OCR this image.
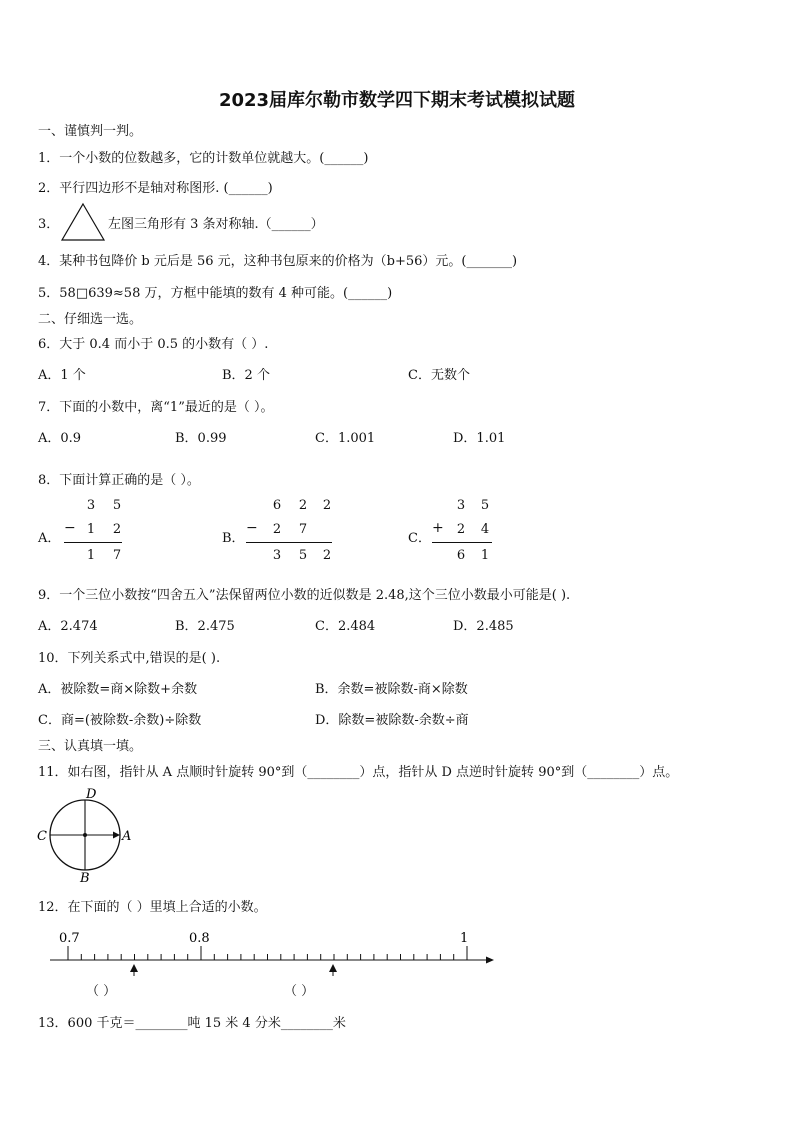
2023届库尔勒市数学四下期末考试模拟试题
一、谨慎判一判。
1．一个小数的位数越多，它的计数单位就越大。(______)
2．平行四边形不是轴对称图形. (______)
3．	左图三角形有 3 条对称轴.（______）
4．某种书包降价 b 元后是 56 元，这种书包原来的价格为（b+56）元。(_______)
5．58□639≈58 万，方框中能填的数有 4 种可能。(______)
二、仔细选一选。
6．大于 0.4 而小于 0.5 的小数有（ ）.
A．1 个	B．2 个	C．无数个
7．下面的小数中，离“1”最近的是（ ）。
A．0.9	B．0.99	C．1.001	D．1.01
8．下面计算正确的是（ ）。
A．
3 5
− 1 2
1 7
B．
6 2 2
− 2 7
3 5 2
C．
3 5
+ 2 4
6 1
9．一个三位小数按“四舍五入”法保留两位小数的近似数是 2.48,这个三位小数最小可能是( ).
A．2.474	B．2.475	C．2.484	D．2.485
10．下列关系式中,错误的是( ).
A．被除数=商×除数+余数	B．余数=被除数-商×除数
C．商=(被除数-余数)÷除数	D．除数=被除数-余数÷商
三、认真填一填。
11．如右图，指针从 A 点顺时针旋转 90°到（________）点，指针从 D 点逆时针旋转 90°到（________）点。
D
B
C	A
12．在下面的（ ）里填上合适的小数。
0.7	0.8	1
（ ）	（ ）
13．600 千克＝________吨 15 米 4 分米________米
